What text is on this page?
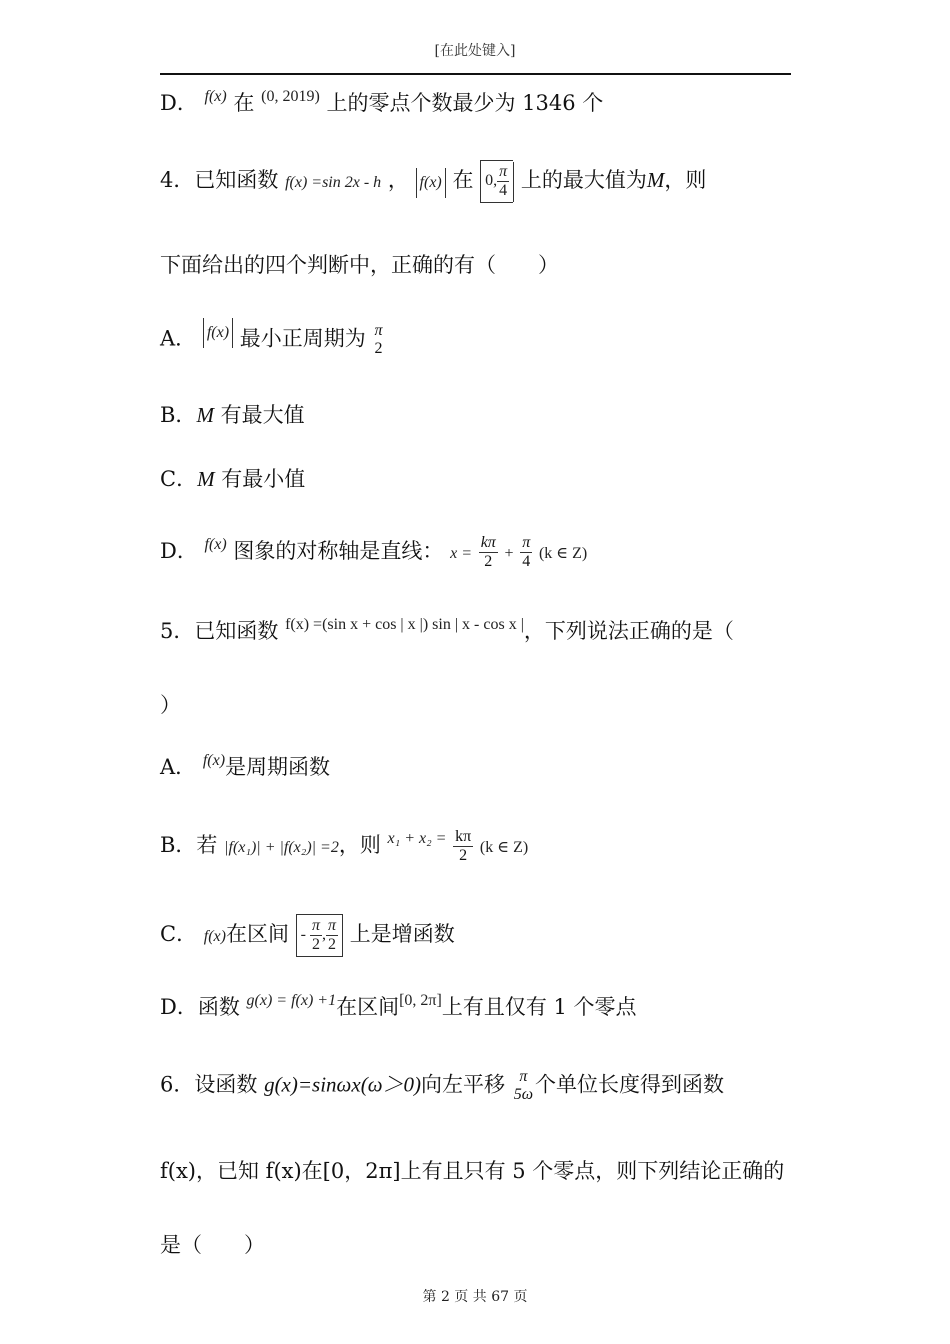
[在此处键入]
D． $^{f(x)}$ 在 $^{(0, 2019)}$ 上的零点个数最少为 1346 个
4．已知函数 f(x) =sin 2x - h ， f(x) 在 0, $\frac{\pi}{4}$ 上的最大值为M，则
下面给出的四个判断中，正确的有（　　）
A． f(x) 最小正周期为 π
2
B．M 有最大值
C．M 有最小值
D． $^{f(x)}$ 图象的对称轴是直线： $x = \frac{k\pi}{2} + \frac{\pi}{4} (k$ ∈ Z)
5．已知函数 $^{f(x) =(sin x + cos | x |) sin | x - cos x |}$，下列说法正确的是（
）
A． $^{f(x)}$是周期函数
B．若 |f(x₁)| + |f(x₂)| =2，则 $^{x_1 + x_2 =} \frac{k\pi}{2} (k$ ∈ Z)
C． f(x)在区间 - $\frac{\pi}{2}$ , $\frac{\pi}{2}$ 上是增函数
D．函数 $^{g(x) = f(x) +1}$在区间[0, 2π]上有且仅有 1 个零点
6．设函数 g(x)=sinωx(ω＞0)向左平移 π
5ω 个单位长度得到函数
f(x)，已知 f(x)在[0，2π]上有且只有 5 个零点，则下列结论正确的
是（　　）
第 2 页 共 67 页
